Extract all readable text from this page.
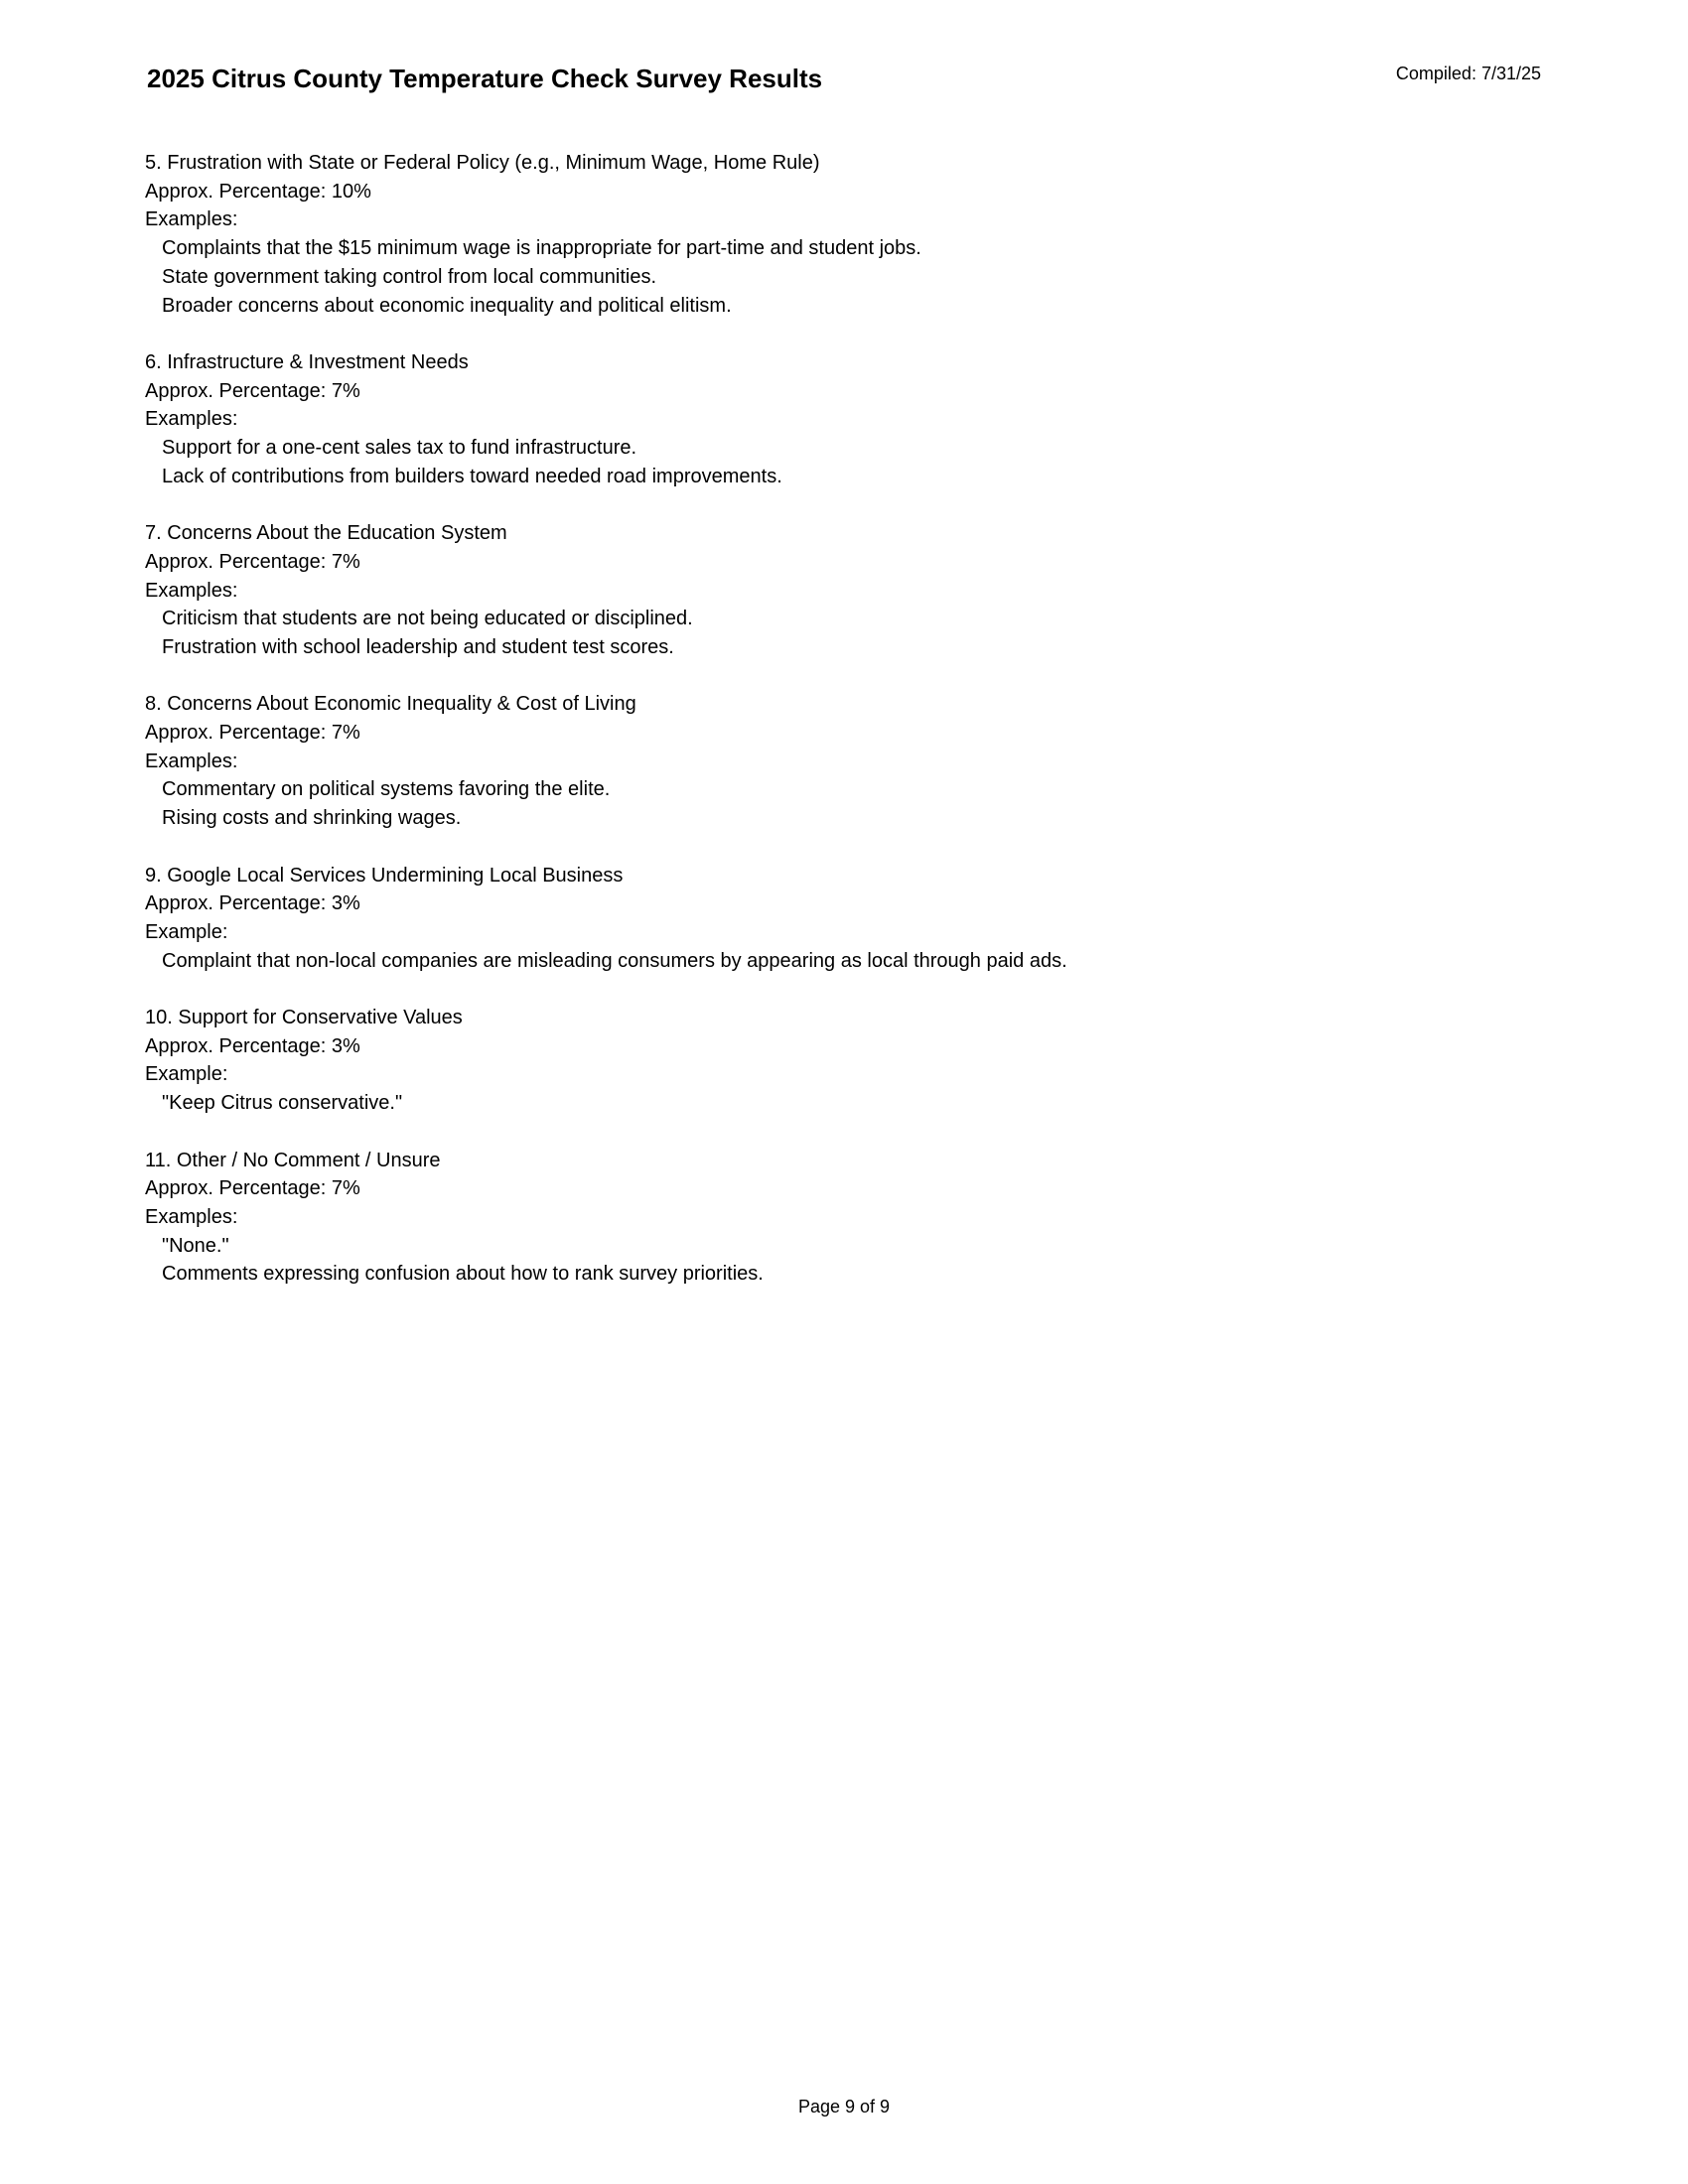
2025 Citrus County Temperature Check Survey Results	Compiled: 7/31/25
5. Frustration with State or Federal Policy (e.g., Minimum Wage, Home Rule)
Approx. Percentage: 10%
Examples:
Complaints that the $15 minimum wage is inappropriate for part-time and student jobs.
State government taking control from local communities.
Broader concerns about economic inequality and political elitism.
6. Infrastructure & Investment Needs
Approx. Percentage: 7%
Examples:
Support for a one-cent sales tax to fund infrastructure.
Lack of contributions from builders toward needed road improvements.
7. Concerns About the Education System
Approx. Percentage: 7%
Examples:
Criticism that students are not being educated or disciplined.
Frustration with school leadership and student test scores.
8. Concerns About Economic Inequality & Cost of Living
Approx. Percentage: 7%
Examples:
Commentary on political systems favoring the elite.
Rising costs and shrinking wages.
9. Google Local Services Undermining Local Business
Approx. Percentage: 3%
Example:
Complaint that non-local companies are misleading consumers by appearing as local through paid ads.
10. Support for Conservative Values
Approx. Percentage: 3%
Example:
"Keep Citrus conservative."
11. Other / No Comment / Unsure
Approx. Percentage: 7%
Examples:
"None."
Comments expressing confusion about how to rank survey priorities.
Page 9 of 9
